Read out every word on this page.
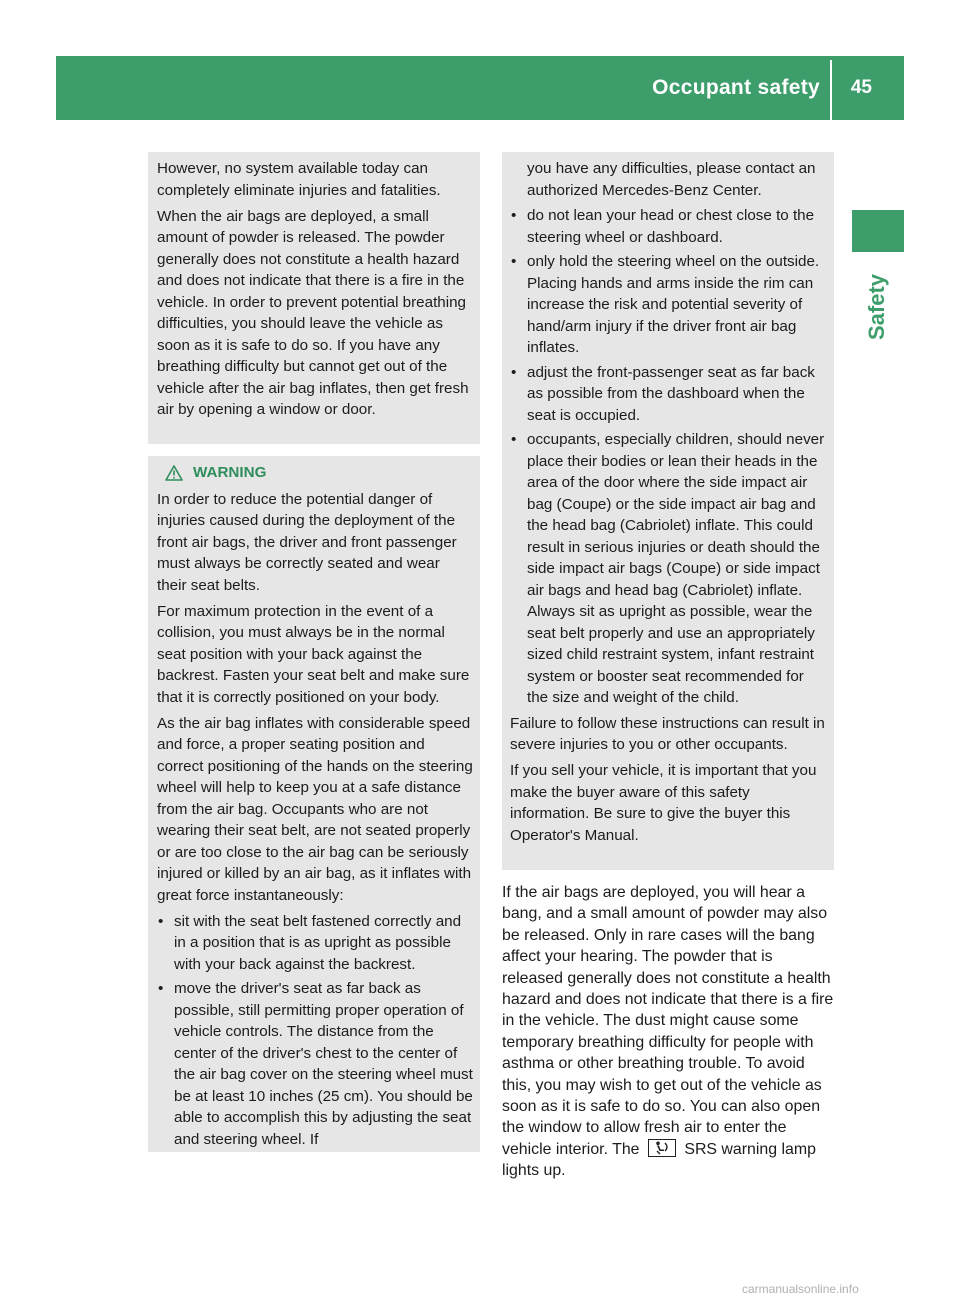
Occupant safety 45
Safety

However, no system available today can completely eliminate injuries and fatalities.

When the air bags are deployed, a small amount of powder is released. The powder generally does not constitute a health hazard and does not indicate that there is a fire in the vehicle. In order to prevent potential breathing difficulties, you should leave the vehicle as soon as it is safe to do so. If you have any breathing difficulty but cannot get out of the vehicle after the air bag inflates, then get fresh air by opening a window or door.

WARNING

In order to reduce the potential danger of injuries caused during the deployment of the front air bags, the driver and front passenger must always be correctly seated and wear their seat belts.

For maximum protection in the event of a collision, you must always be in the normal seat position with your back against the backrest. Fasten your seat belt and make sure that it is correctly positioned on your body.

As the air bag inflates with considerable speed and force, a proper seating position and correct positioning of the hands on the steering wheel will help to keep you at a safe distance from the air bag. Occupants who are not wearing their seat belt, are not seated properly or are too close to the air bag can be seriously injured or killed by an air bag, as it inflates with great force instantaneously:

• sit with the seat belt fastened correctly and in a position that is as upright as possible with your back against the backrest.
• move the driver's seat as far back as possible, still permitting proper operation of vehicle controls. The distance from the center of the driver's chest to the center of the air bag cover on the steering wheel must be at least 10 inches (25 cm). You should be able to accomplish this by adjusting the seat and steering wheel. If

you have any difficulties, please contact an authorized Mercedes-Benz Center.

• do not lean your head or chest close to the steering wheel or dashboard.
• only hold the steering wheel on the outside. Placing hands and arms inside the rim can increase the risk and potential severity of hand/arm injury if the driver front air bag inflates.
• adjust the front-passenger seat as far back as possible from the dashboard when the seat is occupied.
• occupants, especially children, should never place their bodies or lean their heads in the area of the door where the side impact air bag (Coupe) or the side impact air bag and the head bag (Cabriolet) inflate. This could result in serious injuries or death should the side impact air bags (Coupe) or side impact air bags and head bag (Cabriolet) inflate. Always sit as upright as possible, wear the seat belt properly and use an appropriately sized child restraint system, infant restraint system or booster seat recommended for the size and weight of the child.

Failure to follow these instructions can result in severe injuries to you or other occupants.

If you sell your vehicle, it is important that you make the buyer aware of this safety information. Be sure to give the buyer this Operator's Manual.

If the air bags are deployed, you will hear a bang, and a small amount of powder may also be released. Only in rare cases will the bang affect your hearing. The powder that is released generally does not constitute a health hazard and does not indicate that there is a fire in the vehicle. The dust might cause some temporary breathing difficulty for people with asthma or other breathing trouble. To avoid this, you may wish to get out of the vehicle as soon as it is safe to do so. You can also open the window to allow fresh air to enter the vehicle interior. The	SRS warning lamp lights up.

carmanualsonline.info
